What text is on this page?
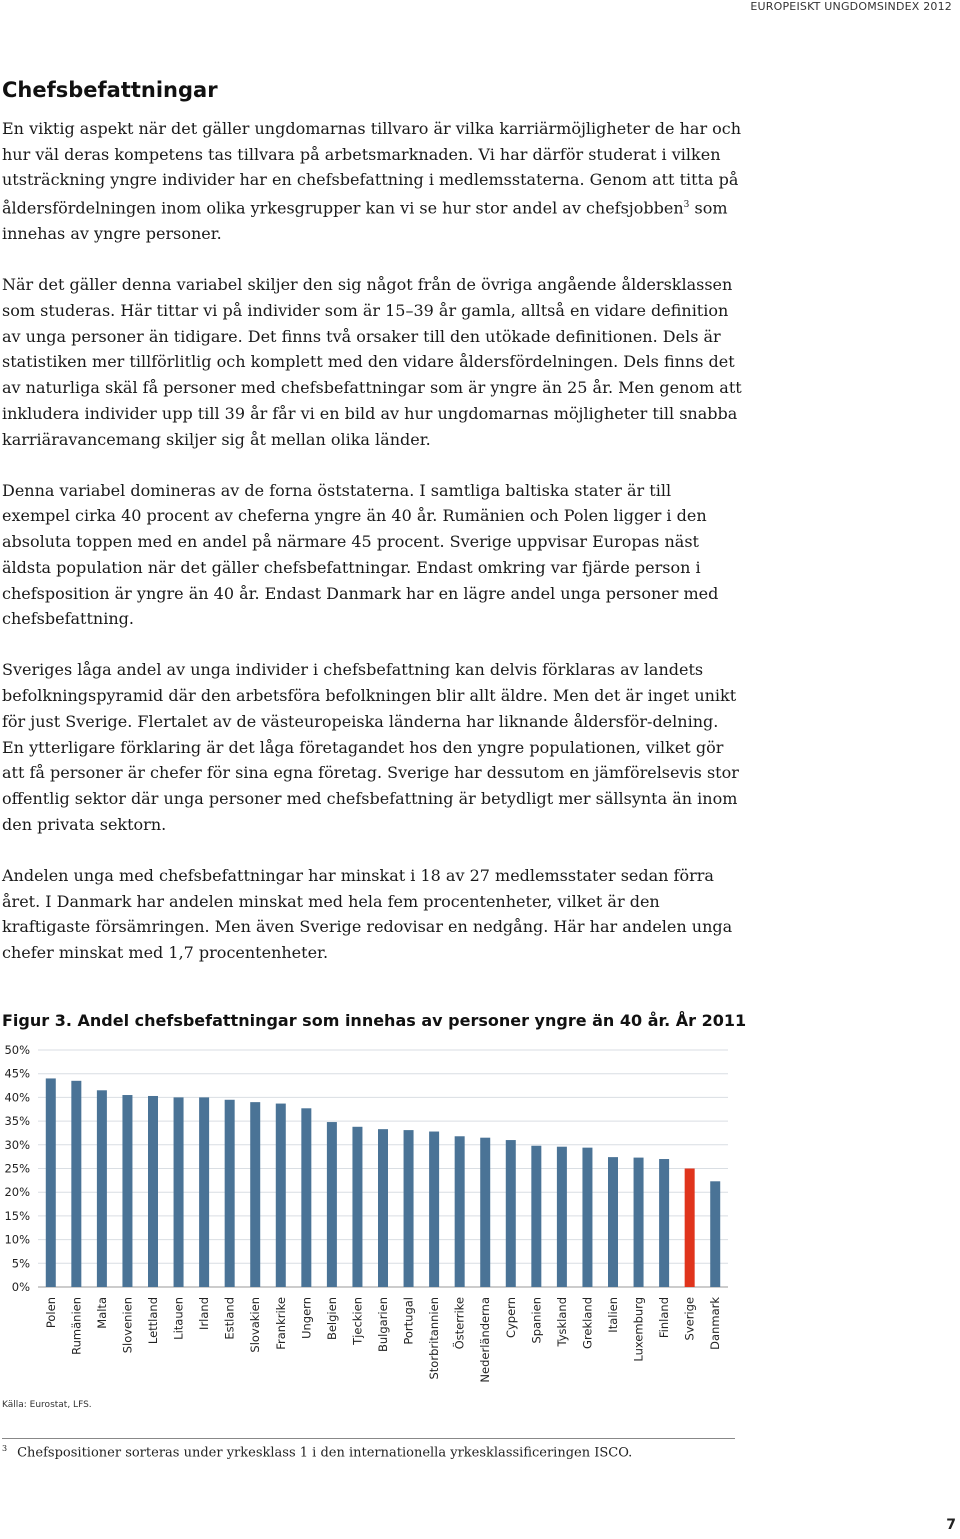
EUROPEISKT UNGDOMSINDEX 2012
Chefsbefattningar

En viktig aspekt när det gäller ungdomarnas tillvaro är vilka karriärmöjligheter de har och hur väl deras kompetens tas tillvara på arbetsmarknaden. Vi har därför studerat i vilken utsträckning yngre individer har en chefsbefattning i medlemsstaterna. Genom att titta på åldersfördelningen inom olika yrkesgrupper kan vi se hur stor andel av chefsjobben$^3$ som innehas av yngre personer.

När det gäller denna variabel skiljer den sig något från de övriga angående åldersklassen som studeras. Här tittar vi på individer som är 15–39 år gamla, alltså en vidare definition av unga personer än tidigare. Det finns två orsaker till den utökade definitionen. Dels är statistiken mer tillförlitlig och komplett med den vidare åldersfördelningen. Dels finns det av naturliga skäl få personer med chefsbefattningar som är yngre än 25 år. Men genom att inkludera individer upp till 39 år får vi en bild av hur ungdomarnas möjligheter till snabba karriäravancemang skiljer sig åt mellan olika länder.

Denna variabel domineras av de forna öststaterna. I samtliga baltiska stater är till exempel cirka 40 procent av cheferna yngre än 40 år. Rumänien och Polen ligger i den absoluta toppen med en andel på närmare 45 procent. Sverige uppvisar Europas näst äldsta population när det gäller chefsbefattningar. Endast omkring var fjärde person i chefsposition är yngre än 40 år. Endast Danmark har en lägre andel unga personer med chefsbefattning.

Sveriges låga andel av unga individer i chefsbefattning kan delvis förklaras av landets befolkningspyramid där den arbetsföra befolkningen blir allt äldre. Men det är inget unikt för just Sverige. Flertalet av de västeuropeiska länderna har liknande åldersför-delning. En ytterligare förklaring är det låga företagandet hos den yngre populationen, vilket gör att få personer är chefer för sina egna företag. Sverige har dessutom en jämförelsevis stor offentlig sektor där unga personer med chefsbefattning är betydligt mer sällsynta än inom den privata sektorn.

Andelen unga med chefsbefattningar har minskat i 18 av 27 medlemsstater sedan förra året. I Danmark har andelen minskat med hela fem procentenheter, vilket är den kraftigaste försämringen. Men även Sverige redovisar en nedgång. Här har andelen unga chefer minskat med 1,7 procentenheter.

Figur 3. Andel chefsbefattningar som innehas av personer yngre än 40 år. År 2011
0%
5%
10%
15%
20%
25%
30%
35%
40%
45%
50%
Polen Rumänien Malta Slovenien Lettland Litauen Irland Estland Slovakien Frankrike Ungern Belgien Tjeckien Bulgarien Portugal Storbritannien Österrike Nederländerna Cypern Spanien Tyskland Grekland Italien Luxemburg Finland Sverige Danmark
Källa: Eurostat, LFS.
$^3$ Chefspositioner sorteras under yrkesklass 1 i den internationella yrkesklassificeringen ISCO.
7
